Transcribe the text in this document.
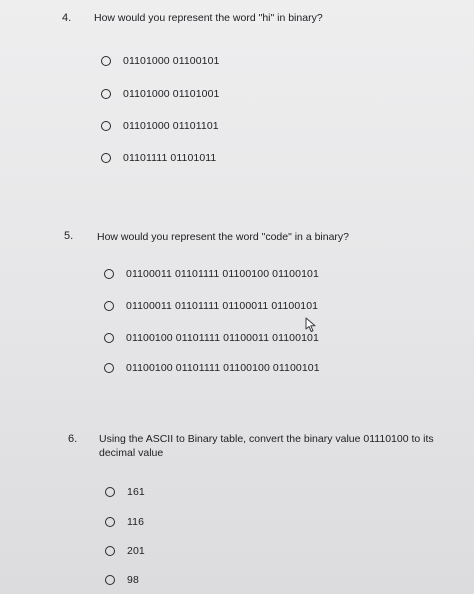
4. How would you represent the word "hi" in binary?
01101000 01100101
01101000 01101001
01101000 01101101
01101111 01101011
5. How would you represent the word "code" in a binary?
01100011 01101111 01100100 01100101
01100011 01101111 01100011 01100101
01100100 01101111 01100011 01100101
01100100 01101111 01100100 01100101
6. Using the ASCII to Binary table, convert the binary value 01110100 to its decimal value
161
116
201
98
